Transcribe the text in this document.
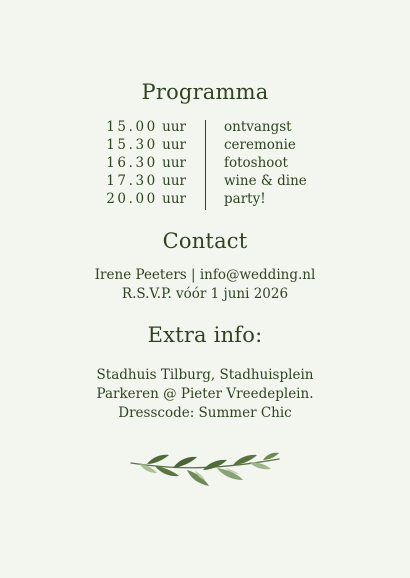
Programma
15.00 uur	ontvangst
15.30 uur	ceremonie
16.30 uur	fotoshoot
17.30 uur	wine & dine
20.00 uur	party!
Contact
Irene Peeters | info@wedding.nl
R.S.V.P. vóór 1 juni 2026
Extra info:
Stadhuis Tilburg, Stadhuisplein
Parkeren @ Pieter Vreedeplein.
Dresscode: Summer Chic
